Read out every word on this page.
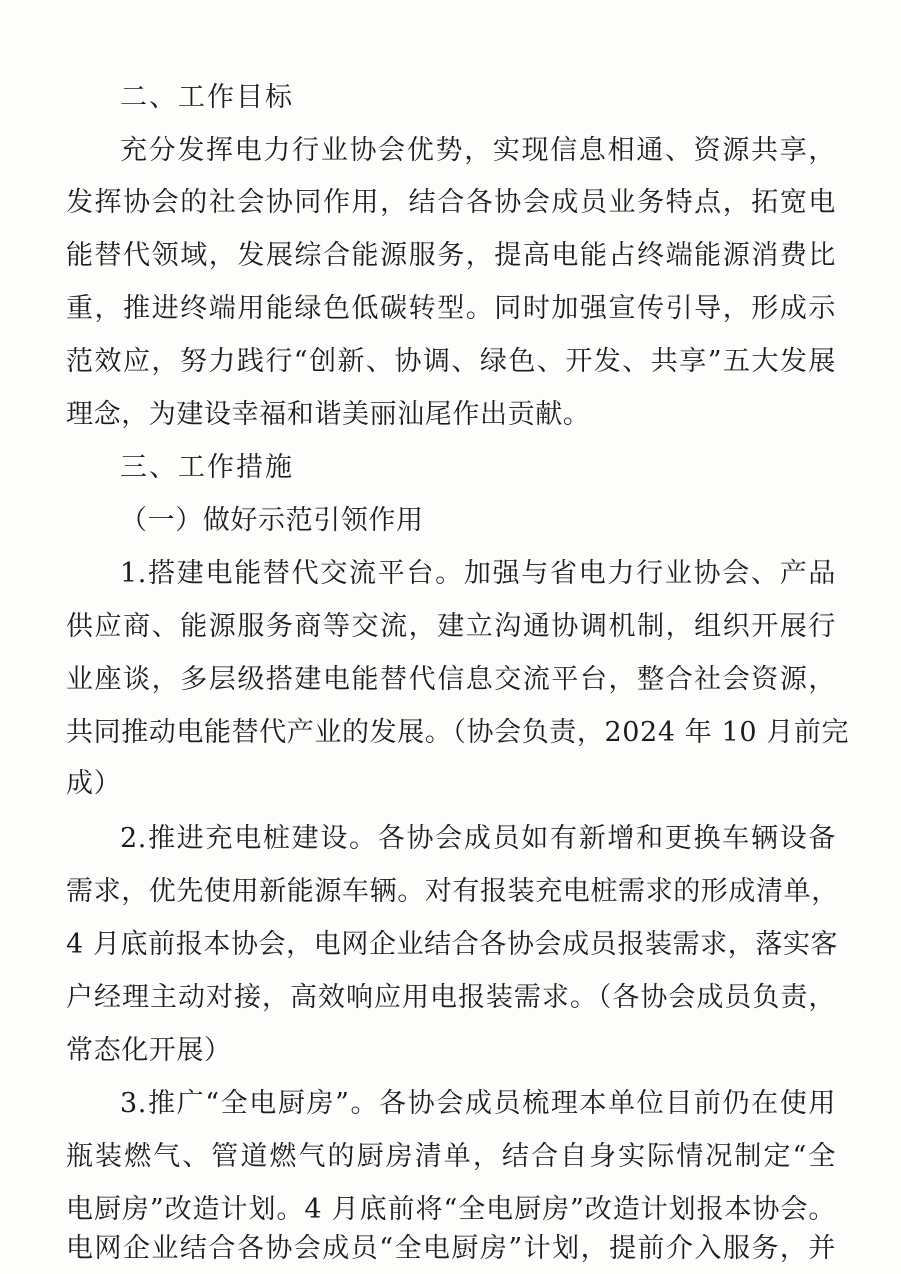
二、工作目标

充分发挥电力行业协会优势，实现信息相通、资源共享，

发挥协会的社会协同作用，结合各协会成员业务特点，拓宽电

能替代领域，发展综合能源服务，提高电能占终端能源消费比

重，推进终端用能绿色低碳转型。同时加强宣传引导，形成示

范效应，努力践行“创新、协调、绿色、开发、共享”五大发展

理念，为建设幸福和谐美丽汕尾作出贡献。

三、工作措施

（一）做好示范引领作用

1.搭建电能替代交流平台。加强与省电力行业协会、产品

供应商、能源服务商等交流，建立沟通协调机制，组织开展行

业座谈，多层级搭建电能替代信息交流平台，整合社会资源，

共同推动电能替代产业的发展。（协会负责，2024 年 10 月前完

成）

2.推进充电桩建设。各协会成员如有新增和更换车辆设备

需求，优先使用新能源车辆。对有报装充电桩需求的形成清单，

4 月底前报本协会，电网企业结合各协会成员报装需求，落实客

户经理主动对接，高效响应用电报装需求。（各协会成员负责，

常态化开展）

3.推广“全电厨房”。各协会成员梳理本单位目前仍在使用

瓶装燃气、管道燃气的厨房清单，结合自身实际情况制定“全

电厨房”改造计划。4 月底前将“全电厨房”改造计划报本协会。

电网企业结合各协会成员“全电厨房”计划，提前介入服务，并
